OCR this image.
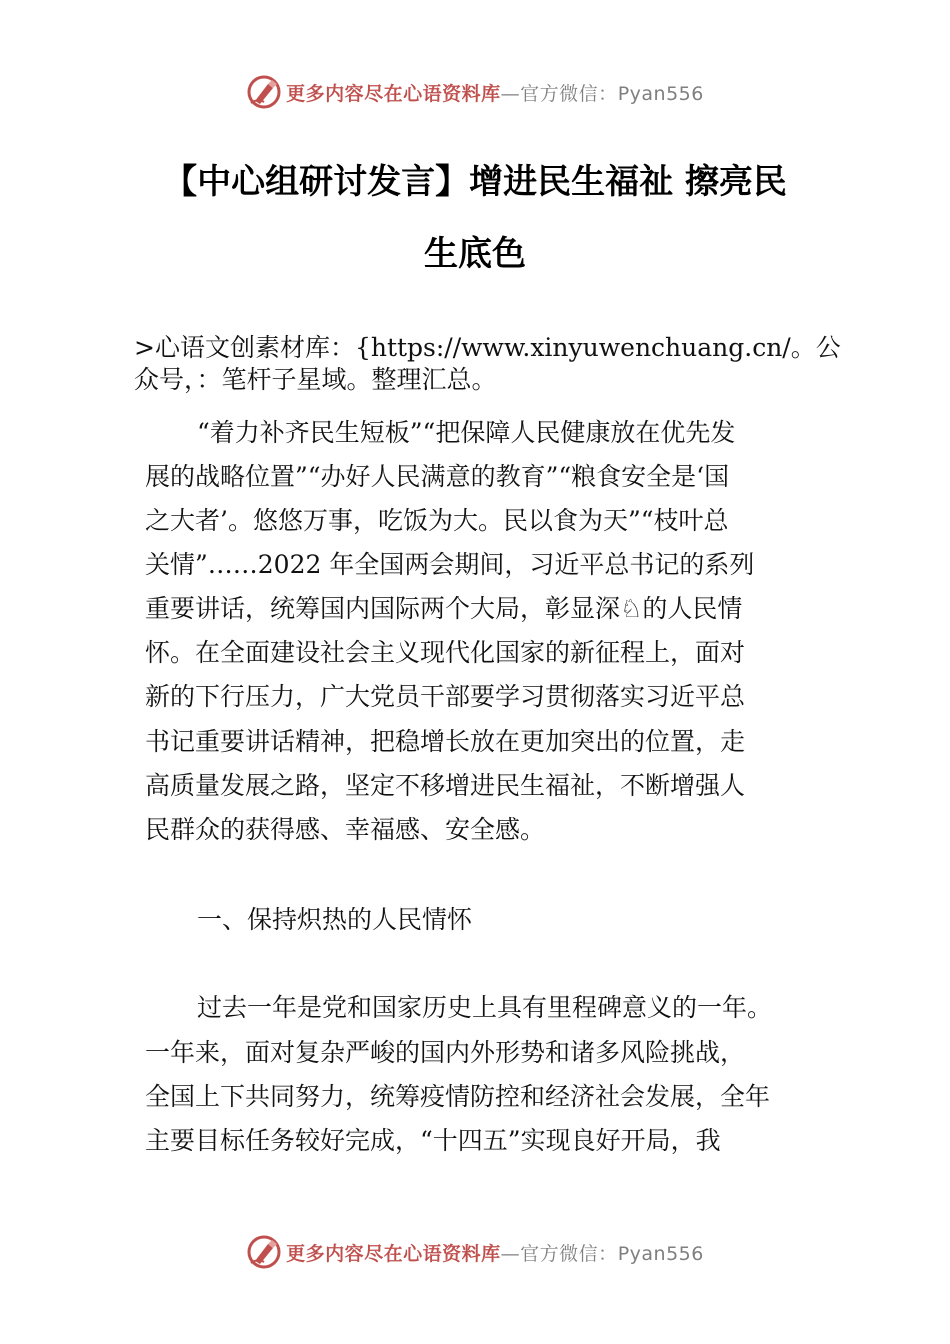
更多内容尽在心语资料库—官方微信：Pyan556
【中心组研讨发言】增进民生福祉 擦亮民
生底色

>心语文创素材库：{https://www.xinyuwenchuang.cn/。公

众号，：笔杆子星域。整理汇总。

“着力补齐民生短板”“把保障人民健康放在优先发

展的战略位置”“办好人民满意的教育”“粮食安全是‘国

之大者’。悠悠万事，吃饭为大。民以食为天”“枝叶总

关情”……2022 年全国两会期间，习近平总书记的系列

重要讲话，统筹国内国际两个大局，彰显深♘的人民情

怀。在全面建设社会主义现代化国家的新征程上，面对

新的下行压力，广大党员干部要学习贯彻落实习近平总

书记重要讲话精神，把稳增长放在更加突出的位置，走

高质量发展之路，坚定不移增进民生福祉，不断增强人

民群众的获得感、幸福感、安全感。

一、保持炽热的人民情怀

过去一年是党和国家历史上具有里程碑意义的一年。

一年来，面对复杂严峻的国内外形势和诸多风险挑战，

全国上下共同努力，统筹疫情防控和经济社会发展，全年

主要目标任务较好完成，“十四五”实现良好开局，我

更多内容尽在心语资料库—官方微信：Pyan556
